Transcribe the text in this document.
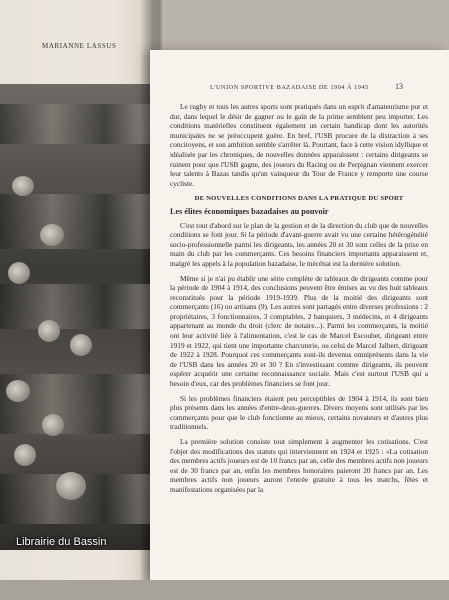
MARIANNE LASSUS
Librairie du Bassin
L'UNION SPORTIVE BAZADAISE DE 1904 À 1945	13

Le rugby et tous les autres sports sont pratiqués dans un esprit d'amateurisme pur et dur, dans lequel le désir de gagner ou le gain de la prime semblent peu importer. Les conditions matérielles constituent également un certain handicap dont les autorités municipales ne se préoccupent guère. En bref, l'USB procure de la distraction à ses concitoyens, et son ambition semble s'arrêter là. Pourtant, face à cette vision idyllique et idéalisée par les chroniques, de nouvelles données apparaissent : certains dirigeants se ruinent pour que l'USB gagne, des joueurs du Racing ou de Perpignan viennent exercer leur talents à Bazas tandis qu'un vainqueur du Tour de France y remporte une course cycliste.

DE NOUVELLES CONDITIONS DANS LA PRATIQUE DU SPORT
Les élites économiques bazadaises au pouvoir

C'est tout d'abord sur le plan de la gestion et de la direction du club que de nouvelles conditions se font jour. Si la période d'avant-guerre avait vu une certaine hétérogénéité socio-professionnelle parmi les dirigeants, les années 20 et 30 sont celles de la prise en main du club par les commerçants. Ces besoins financiers importants apparaissent et, malgré les appels à la population bazadaise, le mécénat est la dernière solution.

Même si je n'ai pu établir une série complète de tableaux de dirigeants comme pour la période de 1904 à 1914, des conclusions peuvent être émises au vu des huit tableaux reconstitués pour la période 1919-1939. Plus de la moitié des dirigeants sont commerçants (16) ou artisans (9). Les autres sont partagés entre diverses professions : 2 propriétaires, 3 fonctionnaires, 3 comptables, 2 banquiers, 3 médecins, et 4 dirigeants appartenant au monde du droit (clerc de notaire...). Parmi les commerçants, la moitié ont leur activité liée à l'alimentation, c'est le cas de Marcel Escoubet, dirigeant entre 1919 et 1922, qui tient une importante charcuterie, ou celui de Marcel Jalbert, dirigeant de 1922 à 1928. Pourquoi ces commerçants sont-ils devenus omniprésents dans la vie de l'USB dans les années 20 et 30 ? En s'investissant comme dirigeants, ils peuvent espérer acquérir une certaine reconnaissance sociale. Mais c'est surtout l'USB qui a besoin d'eux, car des problèmes financiers se font jour.

Si les problèmes financiers étaient peu perceptibles de 1904 à 1914, ils sont bien plus présents dans les années d'entre-deux-guerres. Divers moyens sont utilisés par les commerçants pour que le club fonctionne au mieux, certains novateurs et d'autres plus traditionnels.

La première solution consiste tout simplement à augmenter les cotisations. C'est l'objet des modifications des statuts qui interviennent en 1924 et 1925 : «La cotisation des membres actifs joueurs est de 10 francs par an, celle des membres actifs non joueurs est de 30 francs par an, enfin les membres honoraires paieront 20 francs par an. Les membres actifs non joueurs auront l'entrée gratuite à tous les matchs, fêtes et manifestations organisées par la
